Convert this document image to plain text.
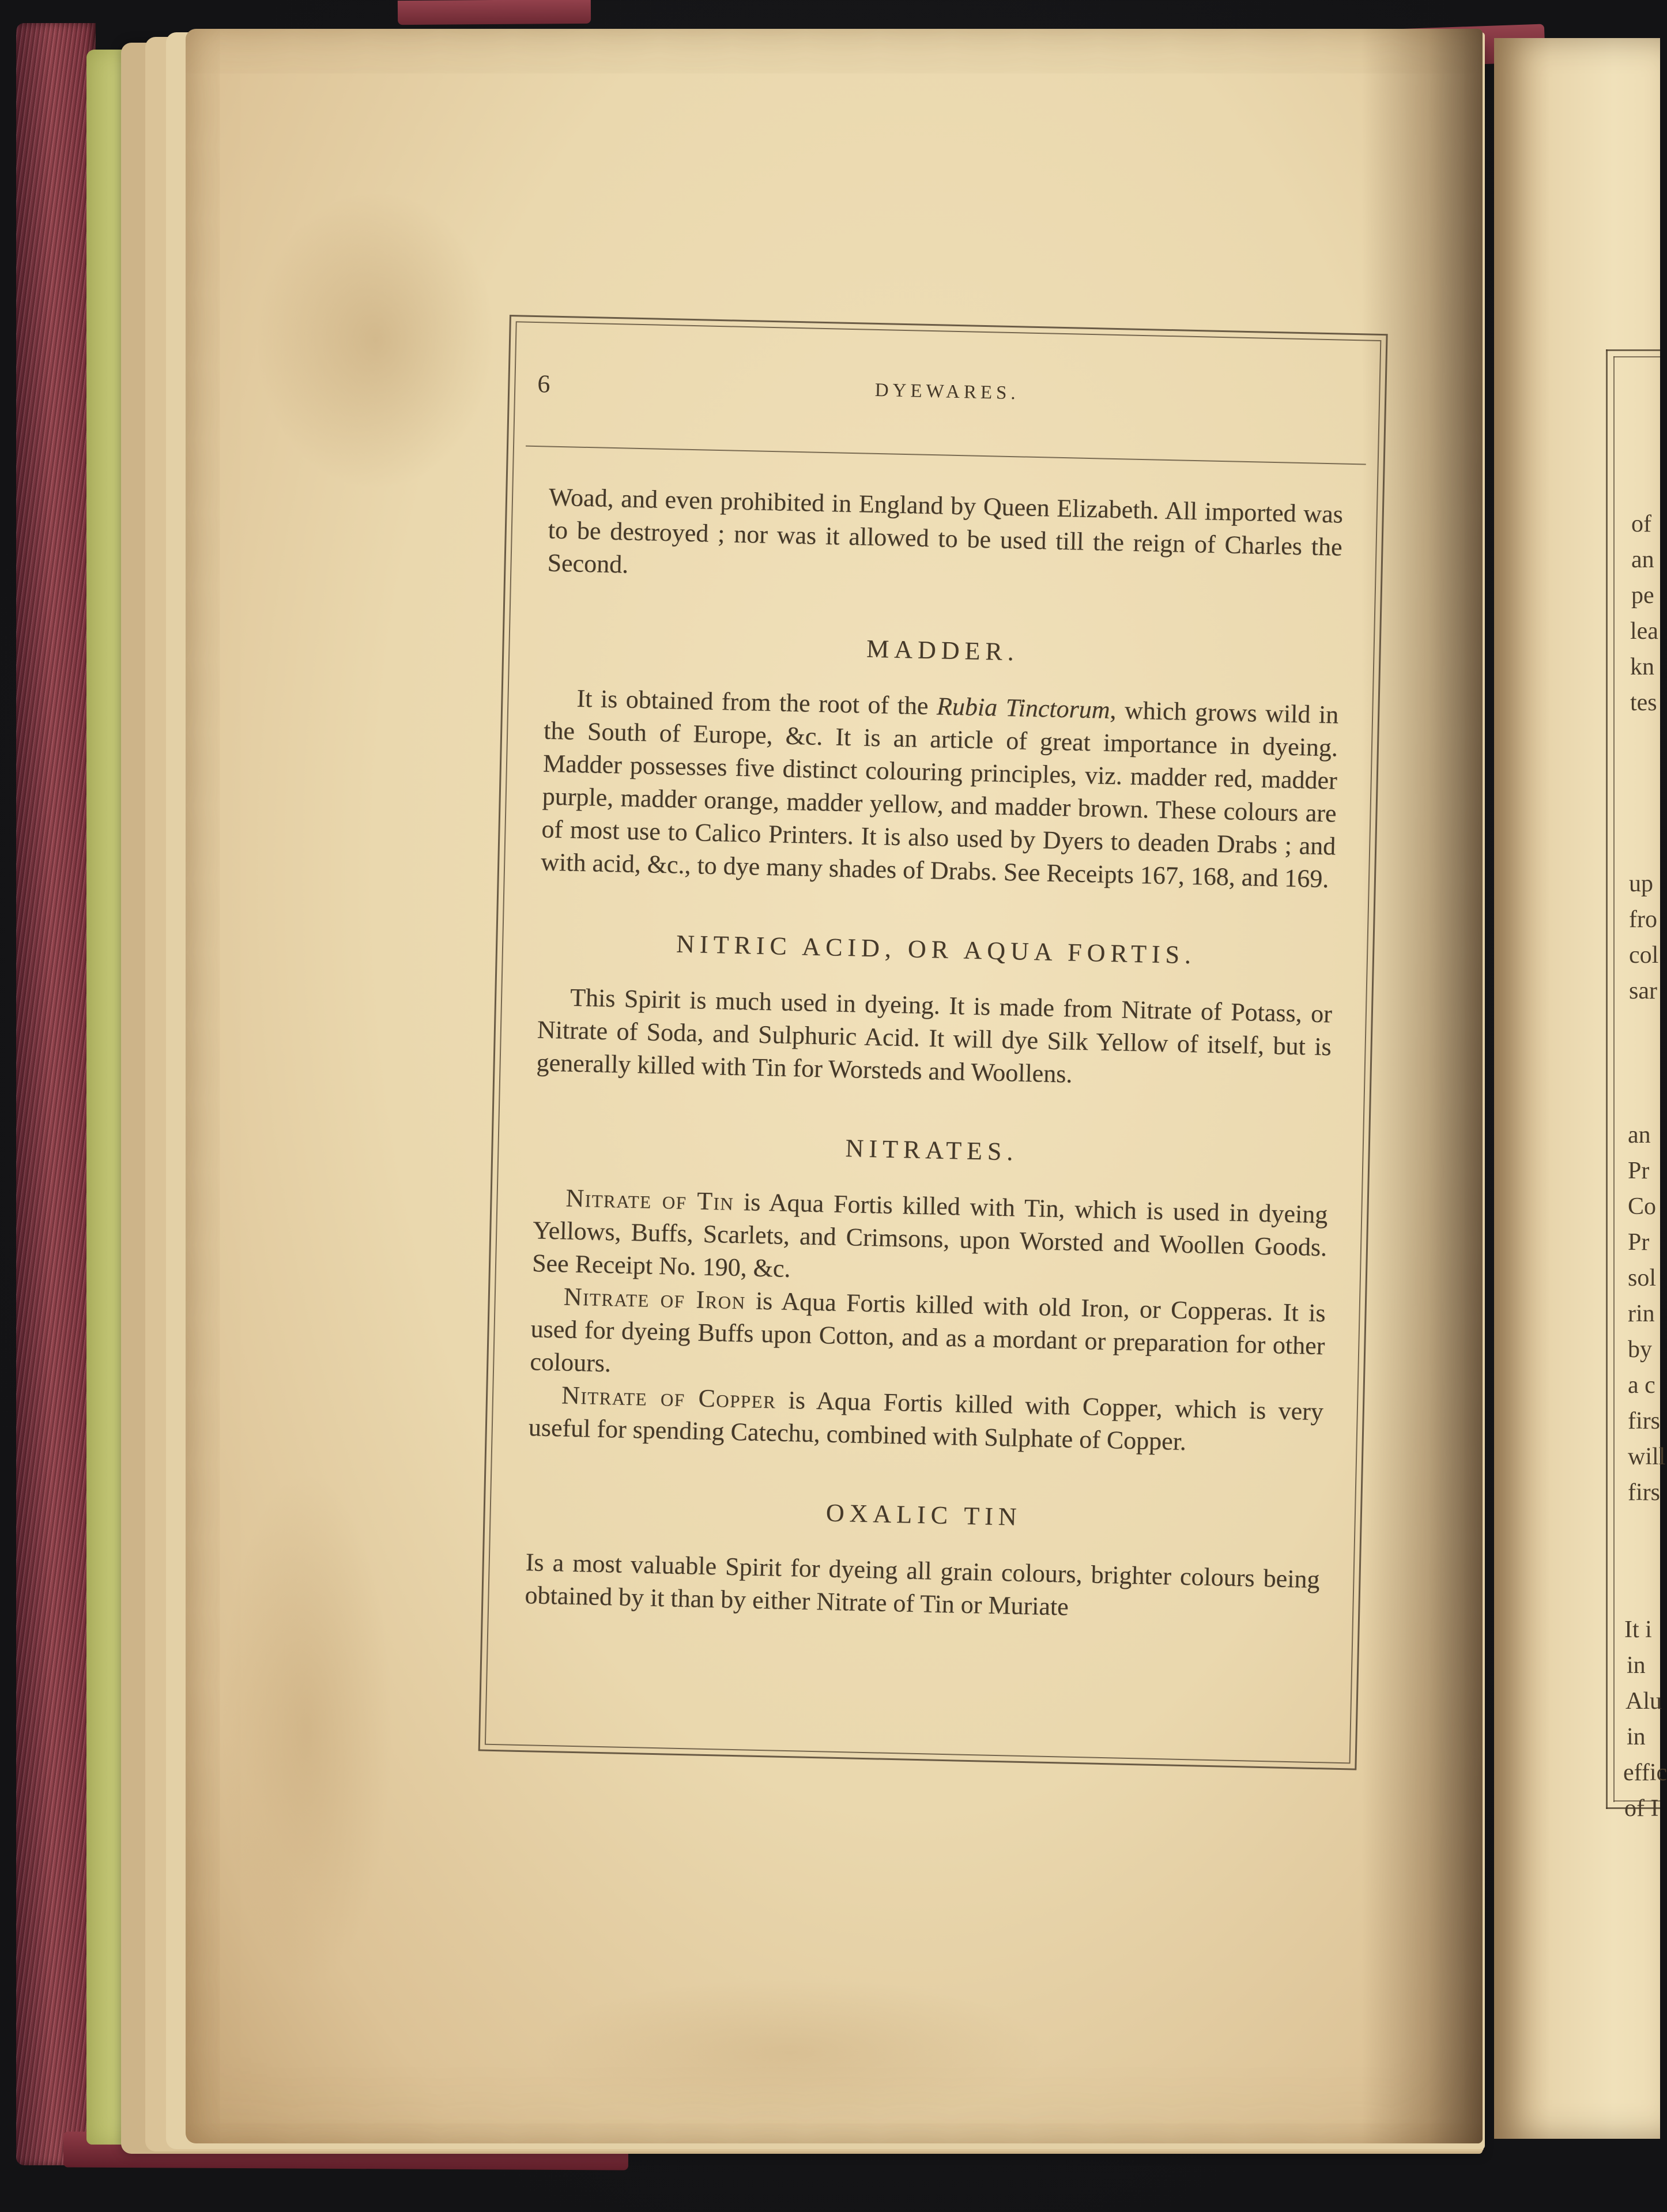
6	DYEWARES.

Woad, and even prohibited in England by Queen Elizabeth. All imported was to be destroyed ; nor was it allowed to be used till the reign of Charles the Second.

MADDER.

It is obtained from the root of the Rubia Tinctorum, which grows wild in the South of Europe, &c. It is an article of great importance in dyeing. Madder possesses five distinct colouring principles, viz. madder red, madder purple, madder orange, madder yellow, and madder brown. These colours are of most use to Calico Printers. It is also used by Dyers to deaden Drabs ; and with acid, &c., to dye many shades of Drabs. See Receipts 167, 168, and 169.

NITRIC ACID, OR AQUA FORTIS.

This Spirit is much used in dyeing. It is made from Nitrate of Potass, or Nitrate of Soda, and Sulphuric Acid. It will dye Silk Yellow of itself, but is generally killed with Tin for Worsteds and Woollens.

NITRATES.

Nitrate of Tin is Aqua Fortis killed with Tin, which is used in dyeing Yellows, Buffs, Scarlets, and Crimsons, upon Worsted and Woollen Goods. See Receipt No. 190, &c.

Nitrate of Iron is Aqua Fortis killed with old Iron, or Copperas. It is used for dyeing Buffs upon Cotton, and as a mordant or preparation for other colours.

Nitrate of Copper is Aqua Fortis killed with Copper, which is very useful for spending Catechu, combined with Sulphate of Copper.

OXALIC TIN

Is a most valuable Spirit for dyeing all grain colours, brighter colours being obtained by it than by either Nitrate of Tin or Muriate

of
an
pe
lea
kn
tes
up
fro
col
sar
an
Pr
Co
Pr
sol
rin
by
a c
firs
will
firs
It i
in
Alu
in
effic
of I
